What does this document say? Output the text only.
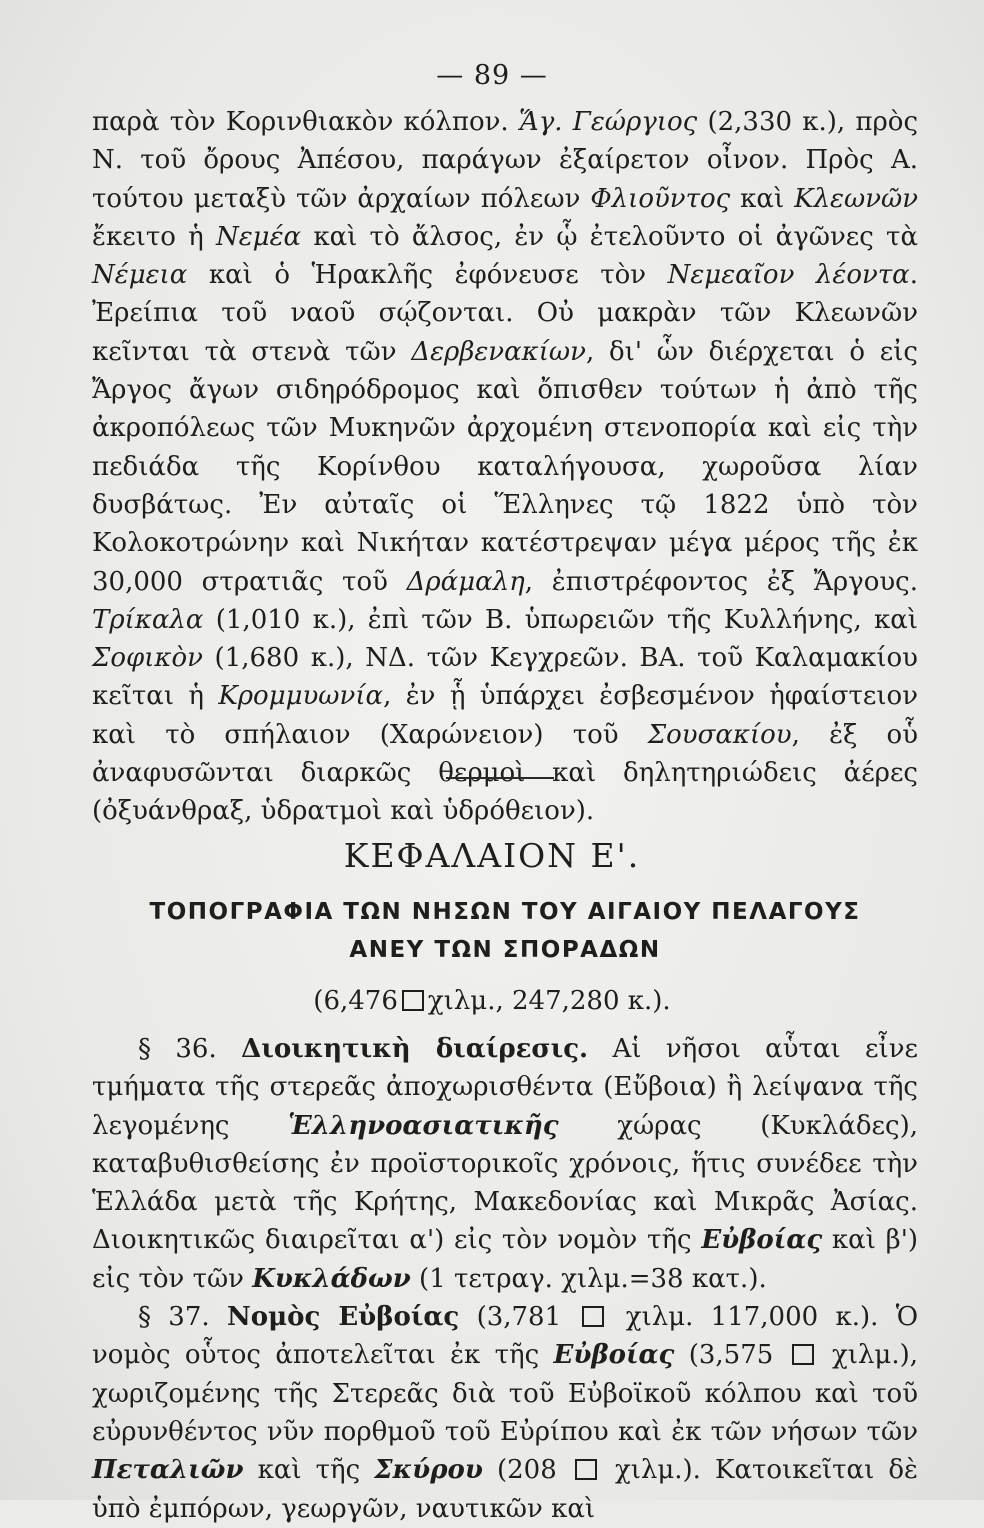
— 89 —

παρὰ τὸν Κορινθιακὸν κόλπον. Ἅγ. Γεώργιος (2,330 κ.), πρὸς Ν. τοῦ ὄρους Ἀπέσου, παράγων ἐξαίρετον οἶνον. Πρὸς Α. τούτου μεταξὺ τῶν ἀρχαίων πόλεων Φλιοῦντος καὶ Κλεωνῶν ἔκειτο ἡ Νεμέα καὶ τὸ ἄλσος, ἐν ᾧ ἐτελοῦντο οἱ ἀγῶνες τὰ Νέμεια καὶ ὁ Ἡρακλῆς ἐφόνευσε τὸν Νεμεαῖον λέοντα. Ἐρείπια τοῦ ναοῦ σῴζονται. Οὐ μακρὰν τῶν Κλεωνῶν κεῖνται τὰ στενὰ τῶν Δερβενακίων, δι' ὧν διέρχεται ὁ εἰς Ἄργος ἄγων σιδηρόδρομος καὶ ὄπισθεν τούτων ἡ ἀπὸ τῆς ἀκροπόλεως τῶν Μυκηνῶν ἀρχομένη στενοπορία καὶ εἰς τὴν πεδιάδα τῆς Κορίνθου καταλήγουσα, χωροῦσα λίαν δυσβάτως. Ἐν αὐταῖς οἱ Ἕλληνες τῷ 1822 ὑπὸ τὸν Κολοκοτρώνην καὶ Νικήταν κατέστρεψαν μέγα μέρος τῆς ἐκ 30,000 στρατιᾶς τοῦ Δράμαλη, ἐπιστρέφοντος ἐξ Ἄργους. Τρίκαλα (1,010 κ.), ἐπὶ τῶν Β. ὑπωρειῶν τῆς Κυλλήνης, καὶ Σοφικὸν (1,680 κ.), ΝΔ. τῶν Κεγχρεῶν. ΒΑ. τοῦ Καλαμακίου κεῖται ἡ Κρομμυωνία, ἐν ᾗ ὑπάρχει ἐσβεσμένον ἡφαίστειον καὶ τὸ σπήλαιον (Χαρώνειον) τοῦ Σουσακίου, ἐξ οὗ ἀναφυσῶνται διαρκῶς θερμοὶ καὶ δηλητηριώδεις ἀέρες (ὀξυάνθραξ, ὑδρατμοὶ καὶ ὑδρόθειον).

ΚΕΦΑΛΑΙΟΝ Ε'.
ΤΟΠΟΓΡΑΦΙΑ ΤΩΝ ΝΗΣΩΝ ΤΟΥ ΑΙΓΑΙΟΥ ΠΕΛΑΓΟΥΣ
ΑΝΕΥ ΤΩΝ ΣΠΟΡΑΔΩΝ
(6,476 χιλμ., 247,280 κ.).

§ 36. Διοικητικὴ διαίρεσις. Αἱ νῆσοι αὗται εἶνε τμήματα τῆς στερεᾶς ἀποχωρισθέντα (Εὔβοια) ἢ λείψανα τῆς λεγομένης Ἑλληνοασιατικῆς χώρας (Κυκλάδες), καταβυθισθείσης ἐν προϊστορικοῖς χρόνοις, ἥτις συνέδεε τὴν Ἑλλάδα μετὰ τῆς Κρήτης, Μακεδονίας καὶ Μικρᾶς Ἀσίας. Διοικητικῶς διαιρεῖται α') εἰς τὸν νομὸν τῆς Εὐβοίας καὶ β') εἰς τὸν τῶν Κυκλάδων (1 τετραγ. χιλμ.=38 κατ.).

§ 37. Νομὸς Εὐβοίας (3,781 χιλμ. 117,000 κ.). Ὁ νομὸς οὗτος ἀποτελεῖται ἐκ τῆς Εὐβοίας (3,575 χιλμ.), χωριζομένης τῆς Στερεᾶς διὰ τοῦ Εὐβοϊκοῦ κόλπου καὶ τοῦ εὐρυνθέντος νῦν πορθμοῦ τοῦ Εὐρίπου καὶ ἐκ τῶν νήσων τῶν Πεταλιῶν καὶ τῆς Σκύρου (208 χιλμ.). Κατοικεῖται δὲ ὑπὸ ἐμπόρων, γεωργῶν, ναυτικῶν καὶ
